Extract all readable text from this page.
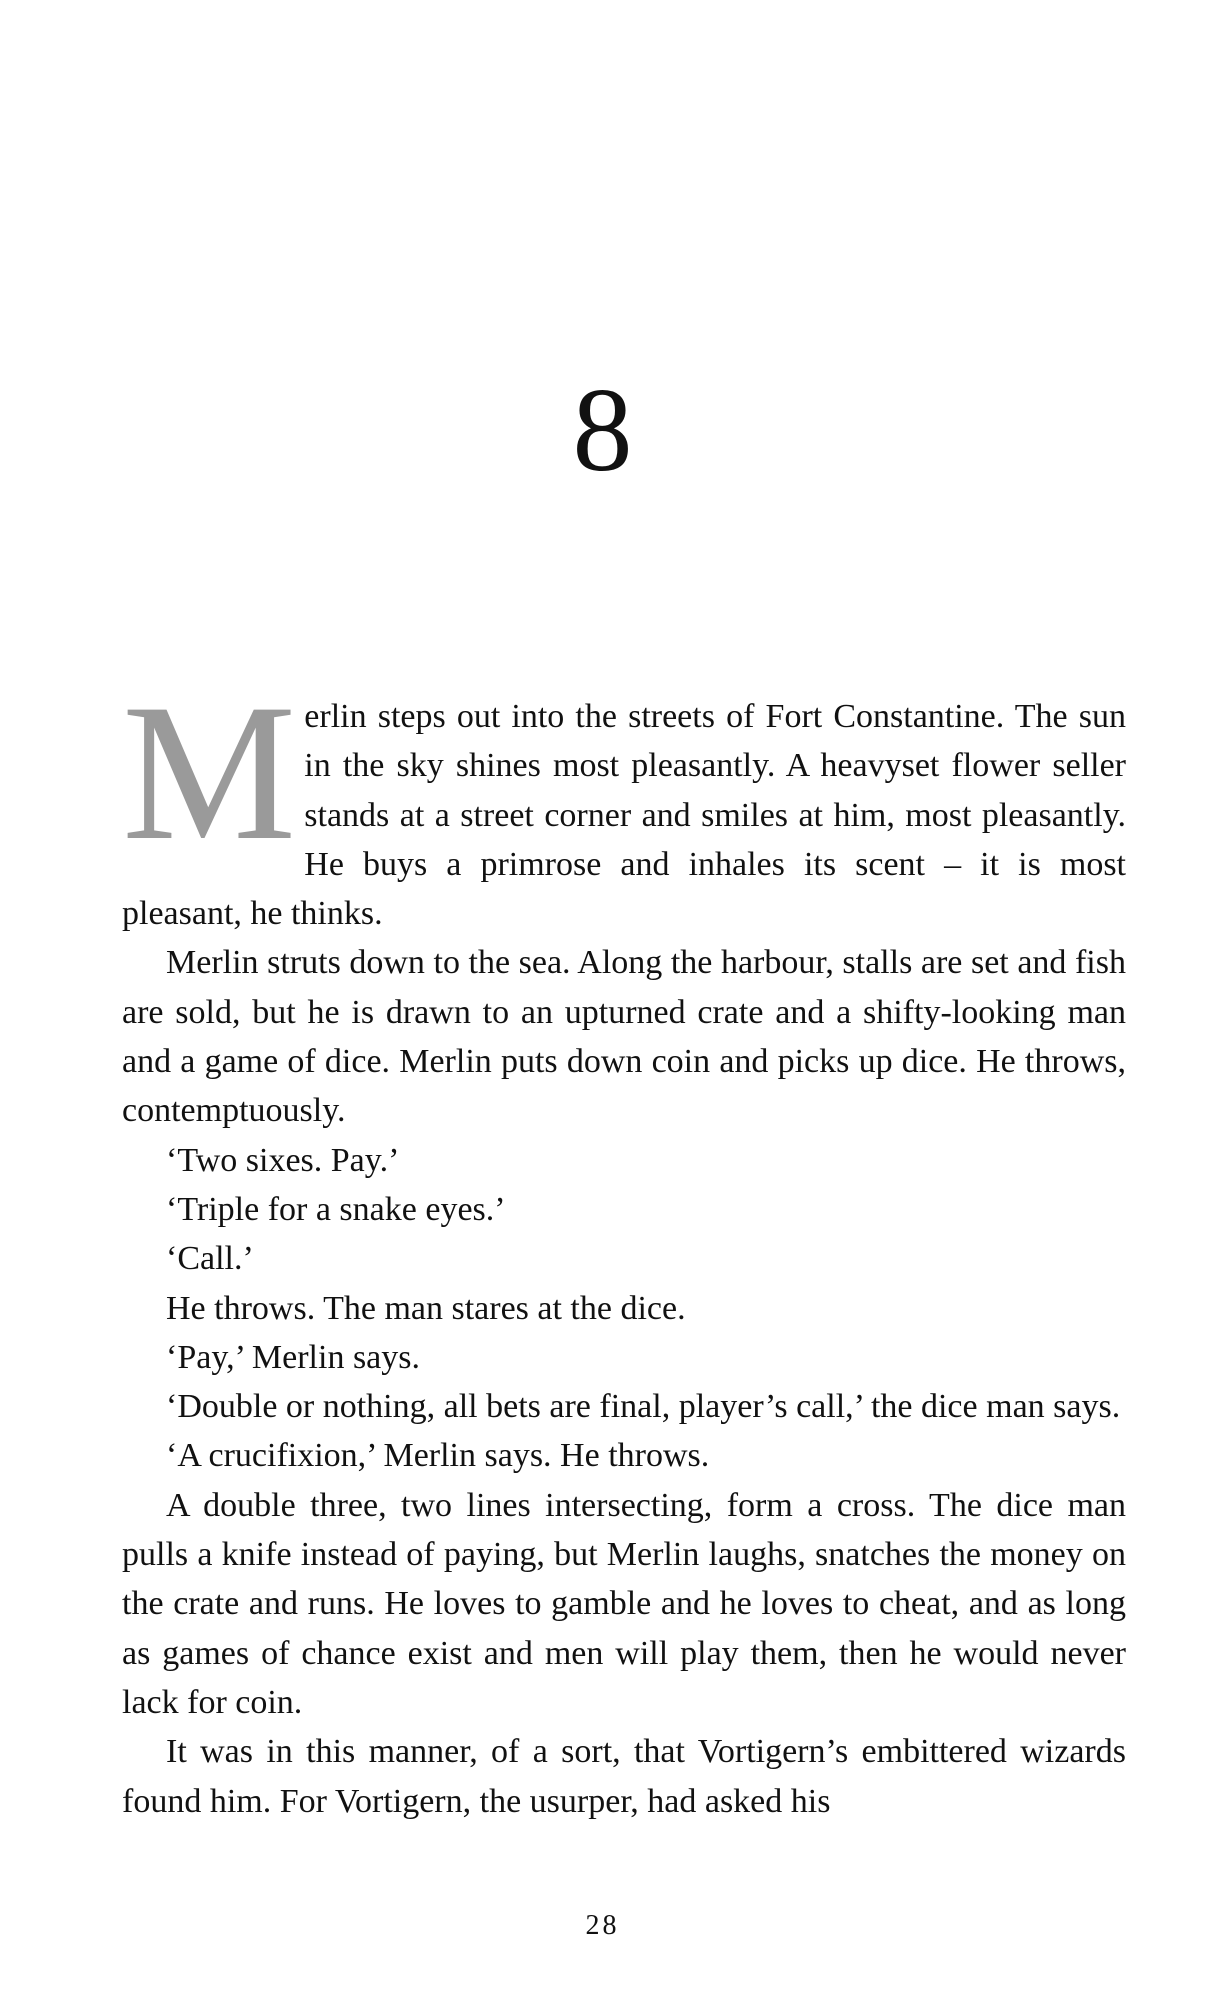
8

Merlin steps out into the streets of Fort Constantine. The sun in the sky shines most pleasantly. A heavyset flower seller stands at a street corner and smiles at him, most pleasantly. He buys a primrose and inhales its scent – it is most pleasant, he thinks.

Merlin struts down to the sea. Along the harbour, stalls are set and fish are sold, but he is drawn to an upturned crate and a shifty-looking man and a game of dice. Merlin puts down coin and picks up dice. He throws, contemptuously.

‘Two sixes. Pay.’

‘Triple for a snake eyes.’

‘Call.’

He throws. The man stares at the dice.

‘Pay,’ Merlin says.

‘Double or nothing, all bets are final, player’s call,’ the dice man says.

‘A crucifixion,’ Merlin says. He throws.

A double three, two lines intersecting, form a cross. The dice man pulls a knife instead of paying, but Merlin laughs, snatches the money on the crate and runs. He loves to gamble and he loves to cheat, and as long as games of chance exist and men will play them, then he would never lack for coin.

It was in this manner, of a sort, that Vortigern’s embittered wizards found him. For Vortigern, the usurper, had asked his

28
